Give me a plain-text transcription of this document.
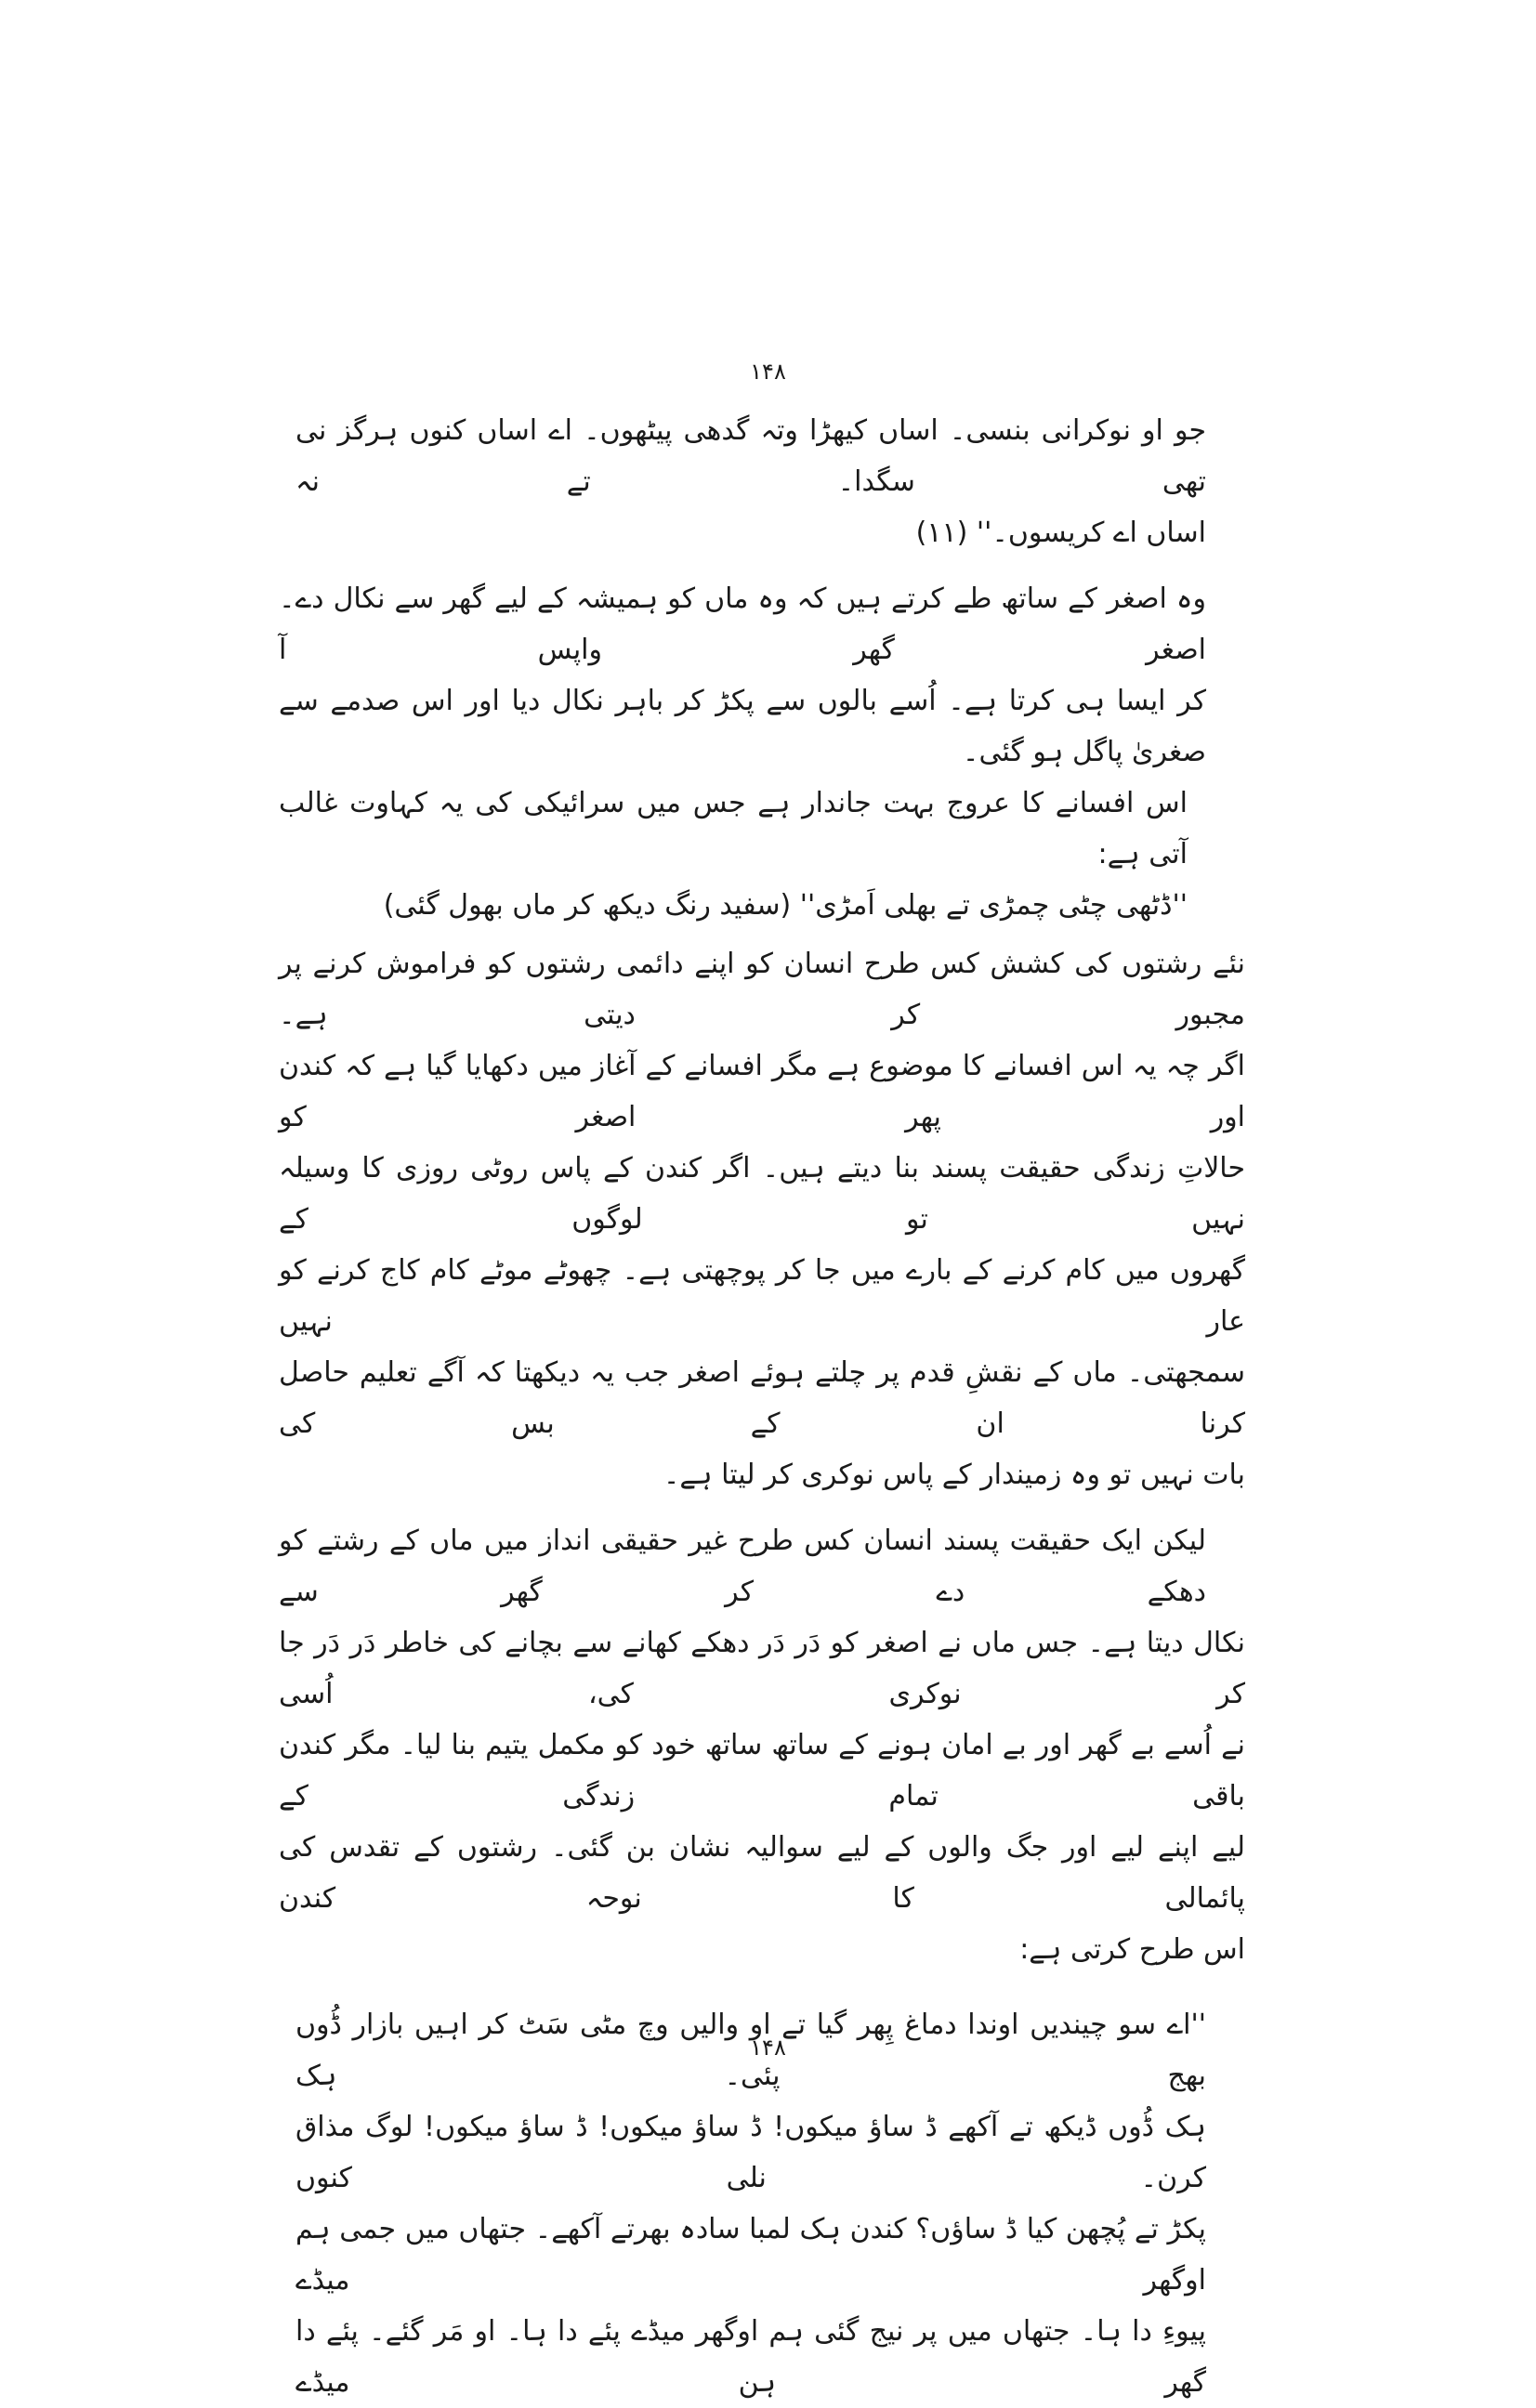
۱۴۸
جو او نوکرانی بنسی۔ اساں کیھڑا وتہ گدھی پیٹھوں۔ اے اساں کنوں ہرگز نی تھی سگدا۔ تے نہ
اساں اے کریسوں۔'' (۱۱)
وہ اصغر کے ساتھ طے کرتے ہیں کہ وہ ماں کو ہمیشہ کے لیے گھر سے نکال دے۔ اصغر گھر واپس آ
کر ایسا ہی کرتا ہے۔ اُسے بالوں سے پکڑ کر باہر نکال دیا اور اس صدمے سے صغریٰ پاگل ہو گئی۔
اس افسانے کا عروج بہت جاندار ہے جس میں سرائیکی کی یہ کہاوت غالب آتی ہے:
''ڈٹھی چٹی چمڑی تے بھلی اَمڑی'' (سفید رنگ دیکھ کر ماں بھول گئی)
نئے رشتوں کی کشش کس طرح انسان کو اپنے دائمی رشتوں کو فراموش کرنے پر مجبور کر دیتی ہے۔
اگر چہ یہ اس افسانے کا موضوع ہے مگر افسانے کے آغاز میں دکھایا گیا ہے کہ کندن اور پھر اصغر کو
حالاتِ زندگی حقیقت پسند بنا دیتے ہیں۔ اگر کندن کے پاس روٹی روزی کا وسیلہ نہیں تو لوگوں کے
گھروں میں کام کرنے کے بارے میں جا کر پوچھتی ہے۔ چھوٹے موٹے کام کاج کرنے کو عار نہیں
سمجھتی۔ ماں کے نقشِ قدم پر چلتے ہوئے اصغر جب یہ دیکھتا کہ آگے تعلیم حاصل کرنا ان کے بس کی
بات نہیں تو وہ زمیندار کے پاس نوکری کر لیتا ہے۔
لیکن ایک حقیقت پسند انسان کس طرح غیر حقیقی انداز میں ماں کے رشتے کو دھکے دے کر گھر سے
نکال دیتا ہے۔ جس ماں نے اصغر کو دَر دَر دھکے کھانے سے بچانے کی خاطر دَر دَر جا کر نوکری کی، اُسی
نے اُسے بے گھر اور بے امان ہونے کے ساتھ ساتھ خود کو مکمل یتیم بنا لیا۔ مگر کندن باقی تمام زندگی کے
لیے اپنے لیے اور جگ والوں کے لیے سوالیہ نشان بن گئی۔ رشتوں کے تقدس کی پائمالی کا نوحہ کندن
اس طرح کرتی ہے:
''اے سو چیندیں اوندا دماغ پِھر گیا تے او والیں وچ مٹی سَٹ کر اہیں بازار ڈُوں بھج پئی۔ ہک
ہک ڈُوں ڈیکھ تے آکھے ڈ ساؤ میکوں! ڈ ساؤ میکوں! ڈ ساؤ میکوں! لوگ مذاق کرن۔ نلی کنوں
پکڑ تے پُچھن کیا ڈ ساؤں؟ کندن ہک لمبا سادہ بھرتے آکھے۔ جتھاں میں جمی ہم اوگھر میڈے
پیوءِ دا ہا۔ جتھاں میں پر نیج گئی ہم اوگھر میڈے پئے دا ہا۔ او مَر گئے۔ پئے دا گھر ہن میڈے
۱۴۸
